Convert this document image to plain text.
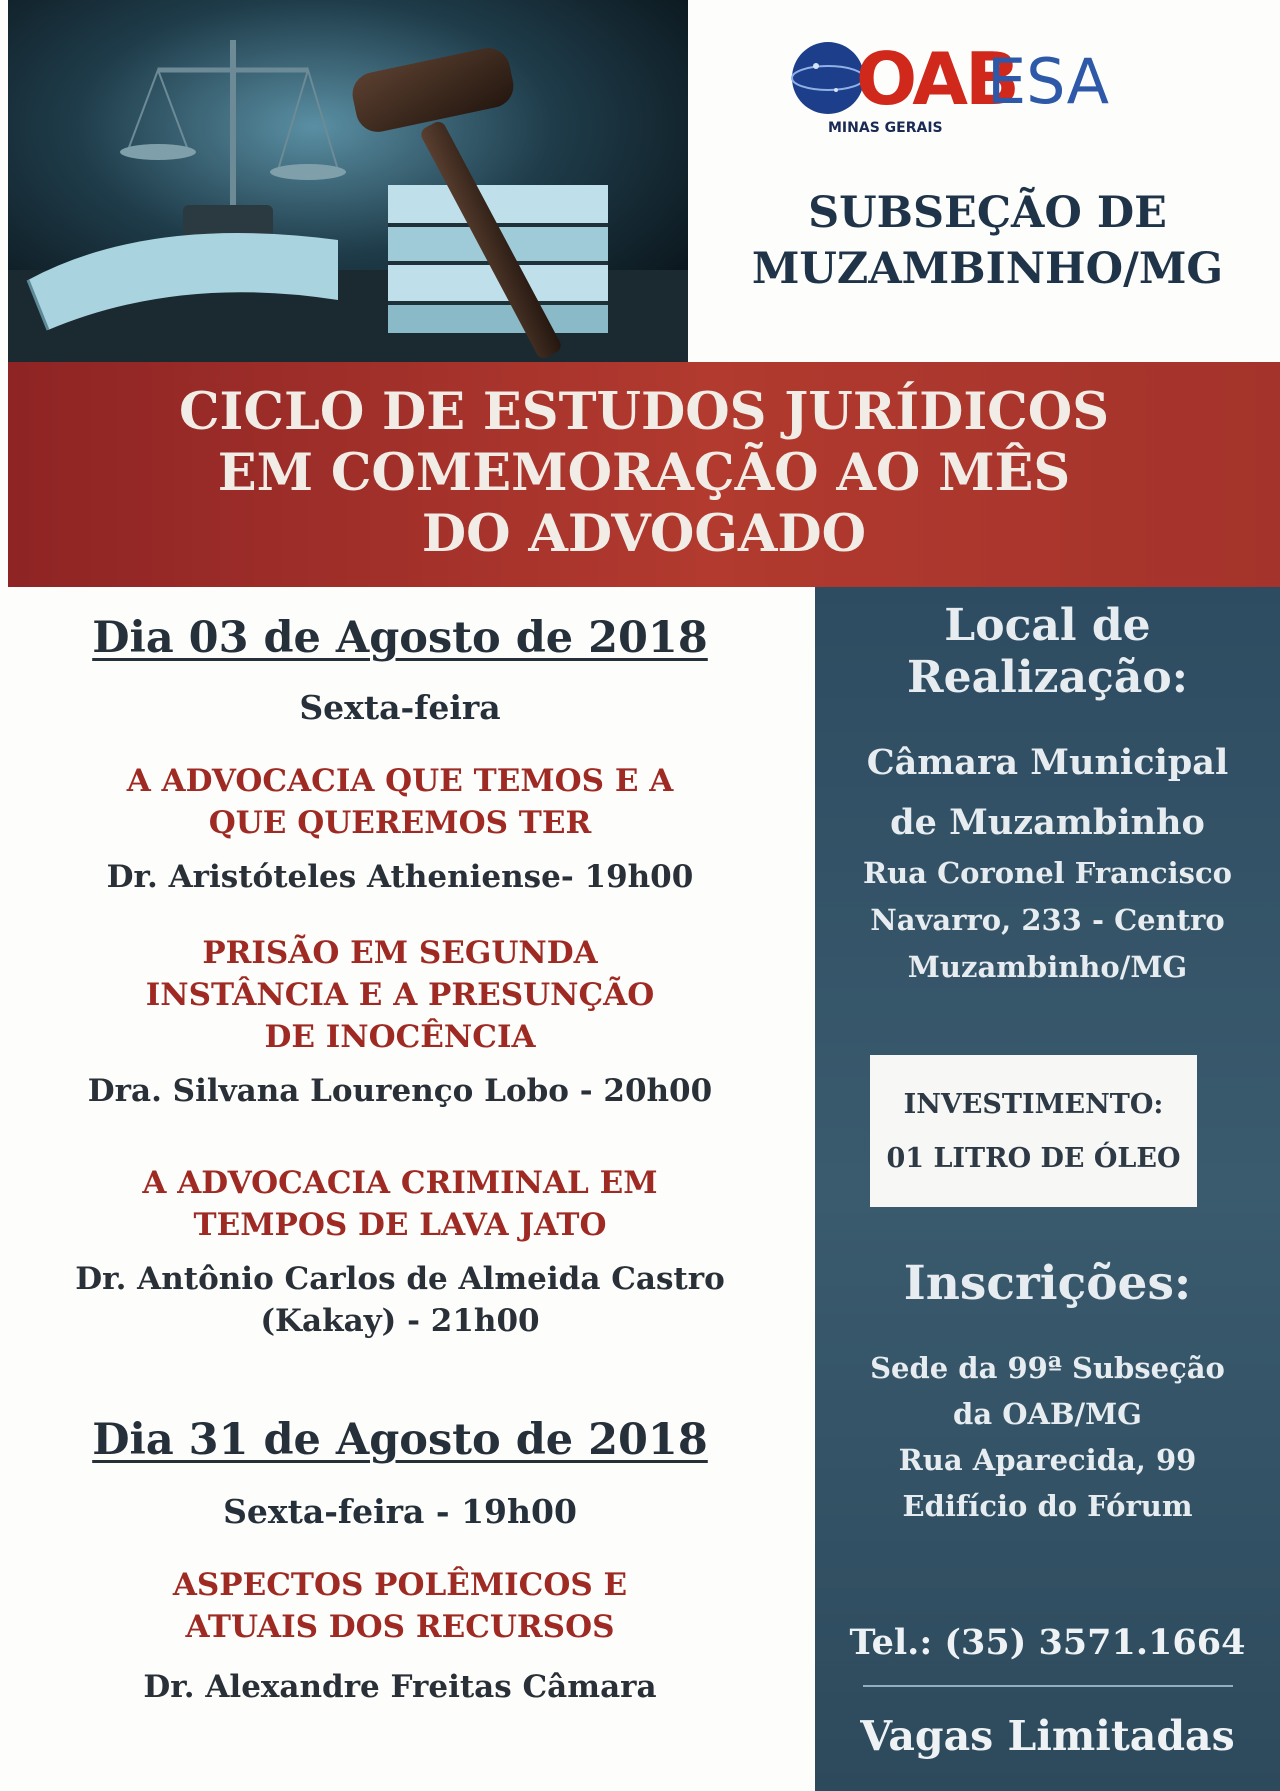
OAB
MINAS GERAIS
ESA
SUBSEÇÃO DE
MUZAMBINHO/MG
CICLO DE ESTUDOS JURÍDICOS
EM COMEMORAÇÃO AO MÊS
DO ADVOGADO
Dia 03 de Agosto de 2018
Sexta-feira
A ADVOCACIA QUE TEMOS E A
QUE QUEREMOS TER
Dr. Aristóteles Atheniense- 19h00
PRISÃO EM SEGUNDA
INSTÂNCIA E A PRESUNÇÃO
DE INOCÊNCIA
Dra. Silvana Lourenço Lobo - 20h00
A ADVOCACIA CRIMINAL EM
TEMPOS DE LAVA JATO
Dr. Antônio Carlos de Almeida Castro
(Kakay) - 21h00
Dia 31 de Agosto de 2018
Sexta-feira - 19h00
ASPECTOS POLÊMICOS E
ATUAIS DOS RECURSOS
Dr. Alexandre Freitas Câmara
Local de
Realização:
Câmara Municipal
de Muzambinho
Rua Coronel Francisco
Navarro, 233 - Centro
Muzambinho/MG
INVESTIMENTO:
01 LITRO DE ÓLEO
Inscrições:
Sede da 99ª Subseção
da OAB/MG
Rua Aparecida, 99
Edifício do Fórum
Tel.: (35) 3571.1664
Vagas Limitadas
